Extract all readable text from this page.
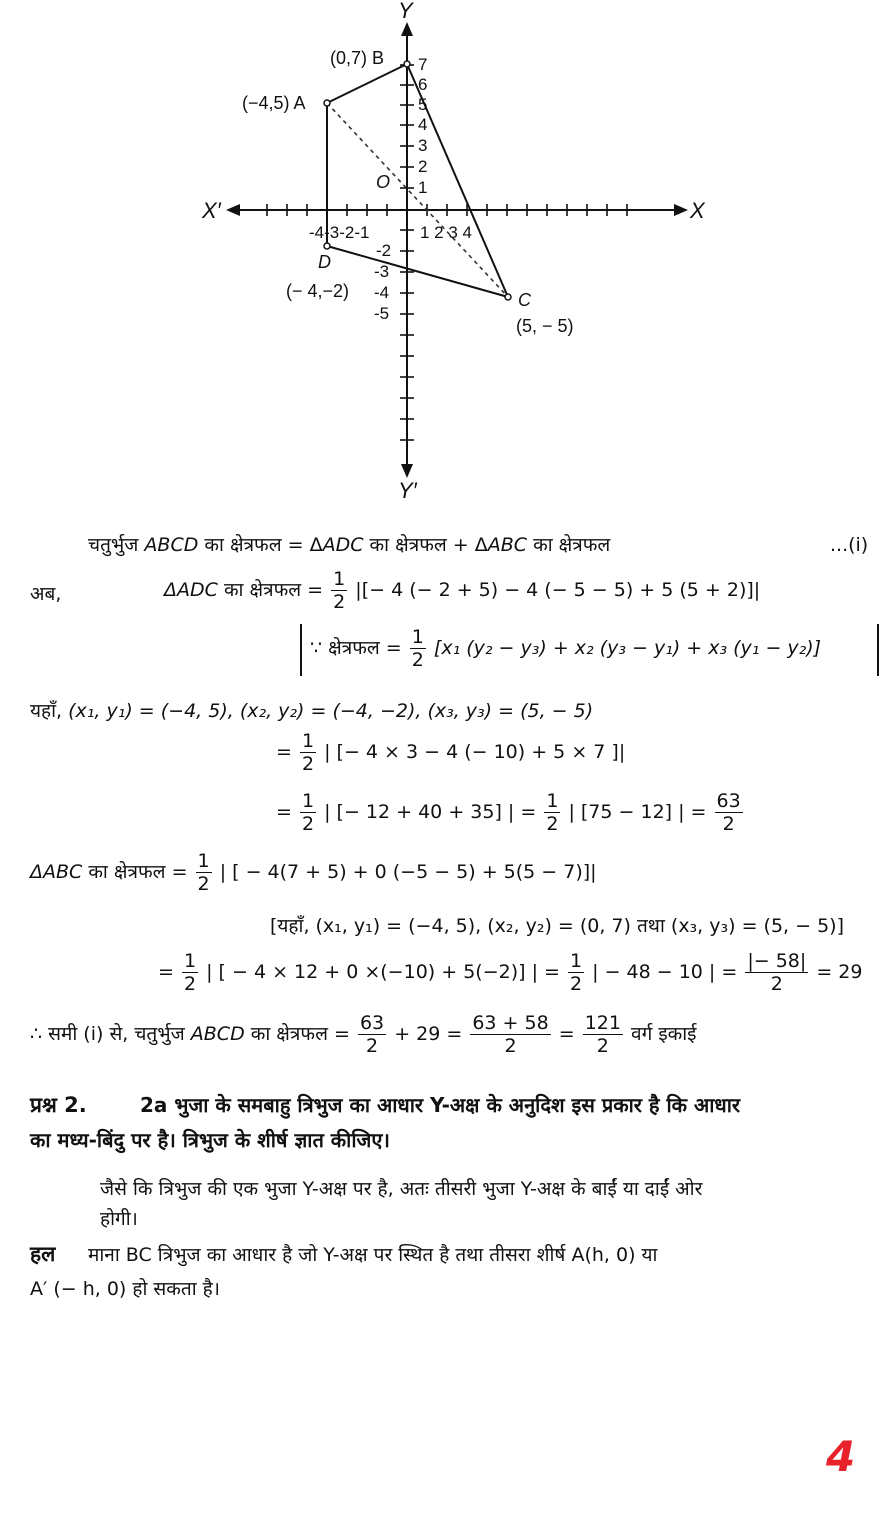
Y
Y′
X′	X
O
(−4,5) A
(0,7) B
C
(5, − 5)
D
(− 4,−2)
-4-3-2-1	1 2 3 4
7
6
5
4
3
2
1
-2
-3
-4
-5
चतुर्भुज ABCD का क्षेत्रफल = ΔADC का क्षेत्रफल + ΔABC का क्षेत्रफल	...(i)
अब,	ΔADC का क्षेत्रफल = $\frac{1}{2}$ |[− 4 (− 2 + 5) − 4 (− 5 − 5) + 5 (5 + 2)]|
∵ क्षेत्रफल = $\frac{1}{2} [x_1$ (y₂ − y₃) + x₂ (y₃ − y₁) + x₃ (y₁ − y₂)]
यहाँ, (x₁, y₁) = (−4, 5), (x₂, y₂) = (−4, −2), (x₃, y₃) = (5, − 5)
= $\frac{1}{2}$ | [− 4 × 3 − 4 (− 10) + 5 × 7 ]|
= $\frac{1}{2}$ | [− 12 + 40 + 35] | = $\frac{1}{2}$ | [75 − 12] | = $\frac{63}{2}$
ΔABC का क्षेत्रफल = $\frac{1}{2}$ | [ − 4(7 + 5) + 0 (−5 − 5) + 5(5 − 7)]|
[यहाँ, (x₁, y₁) = (−4, 5), (x₂, y₂) = (0, 7) तथा (x₃, y₃) = (5, − 5)]
= $\frac{1}{2}$ | [ − 4 × 12 + 0 ×(−10) + 5(−2)] | = $\frac{1}{2}$ | − 48 − 10 | = $\frac{|- 58|}{2} = 29$
∴ समी (i) से, चतुर्भुज ABCD का क्षेत्रफल = $\frac{63}{2} + 29 = \frac{63 + 58}{2} = \frac{121}{2}$ वर्ग इकाई
प्रश्न 2.	2a भुजा के समबाहु त्रिभुज का आधार Y-अक्ष के अनुदिश इस प्रकार है कि आधार
का मध्य-बिंदु पर है। त्रिभुज के शीर्ष ज्ञात कीजिए।
जैसे कि त्रिभुज की एक भुजा Y-अक्ष पर है, अतः तीसरी भुजा Y-अक्ष के बाईं या दाईं ओर
होगी।
हल माना BC त्रिभुज का आधार है जो Y-अक्ष पर स्थित है तथा तीसरा शीर्ष A(h, 0) या
A′ (− h, 0) हो सकता है।
4
